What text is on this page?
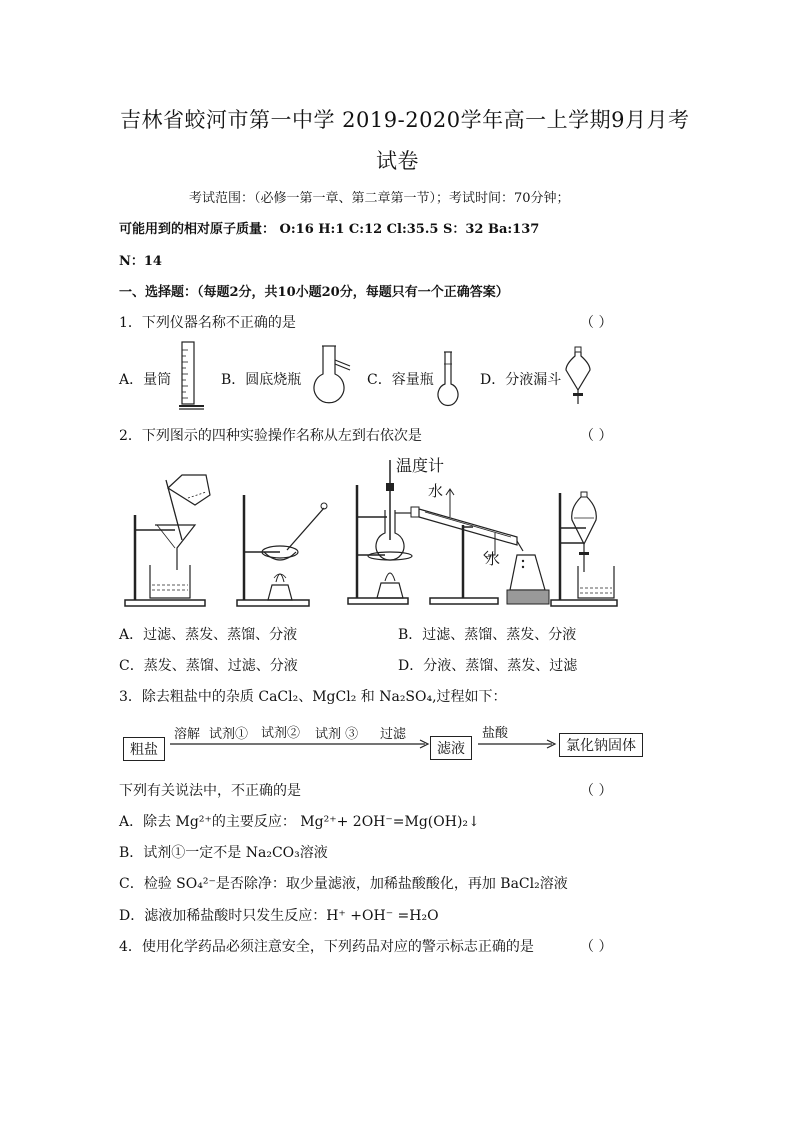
吉林省蛟河市第一中学 2019-2020学年高一上学期9月月考
试卷
考试范围：（必修一第一章、第二章第一节）；考试时间：70分钟；
可能用到的相对原子质量： O:16 H:1 C:12 Cl:35.5 S：32 Ba:137
N：14
一、选择题：（每题2分，共10小题20分，每题只有一个正确答案）
1．下列仪器名称不正确的是	（ ）
A．量筒	B．圆底烧瓶	C．容量瓶	D．分液漏斗
2．下列图示的四种实验操作名称从左到右依次是	（ ）
温度计
水
水
A．过滤、蒸发、蒸馏、分液	B．过滤、蒸馏、蒸发、分液
C．蒸发、蒸馏、过滤、分液	D．分液、蒸馏、蒸发、过滤
3．除去粗盐中的杂质 CaCl₂、MgCl₂ 和 Na₂SO₄,过程如下：
粗盐
溶解 试剂① 试剂② 试剂 ③ 过滤
滤液
盐酸
氯化钠固体
下列有关说法中，不正确的是	（ ）
A．除去 Mg²⁺的主要反应： Mg²⁺+ 2OH⁻=Mg(OH)₂↓
B．试剂①一定不是 Na₂CO₃溶液
C．检验 SO₄²⁻是否除净：取少量滤液，加稀盐酸酸化，再加 BaCl₂溶液
D．滤液加稀盐酸时只发生反应：H⁺ +OH⁻ =H₂O
4．使用化学药品必须注意安全，下列药品对应的警示标志正确的是	（ ）
